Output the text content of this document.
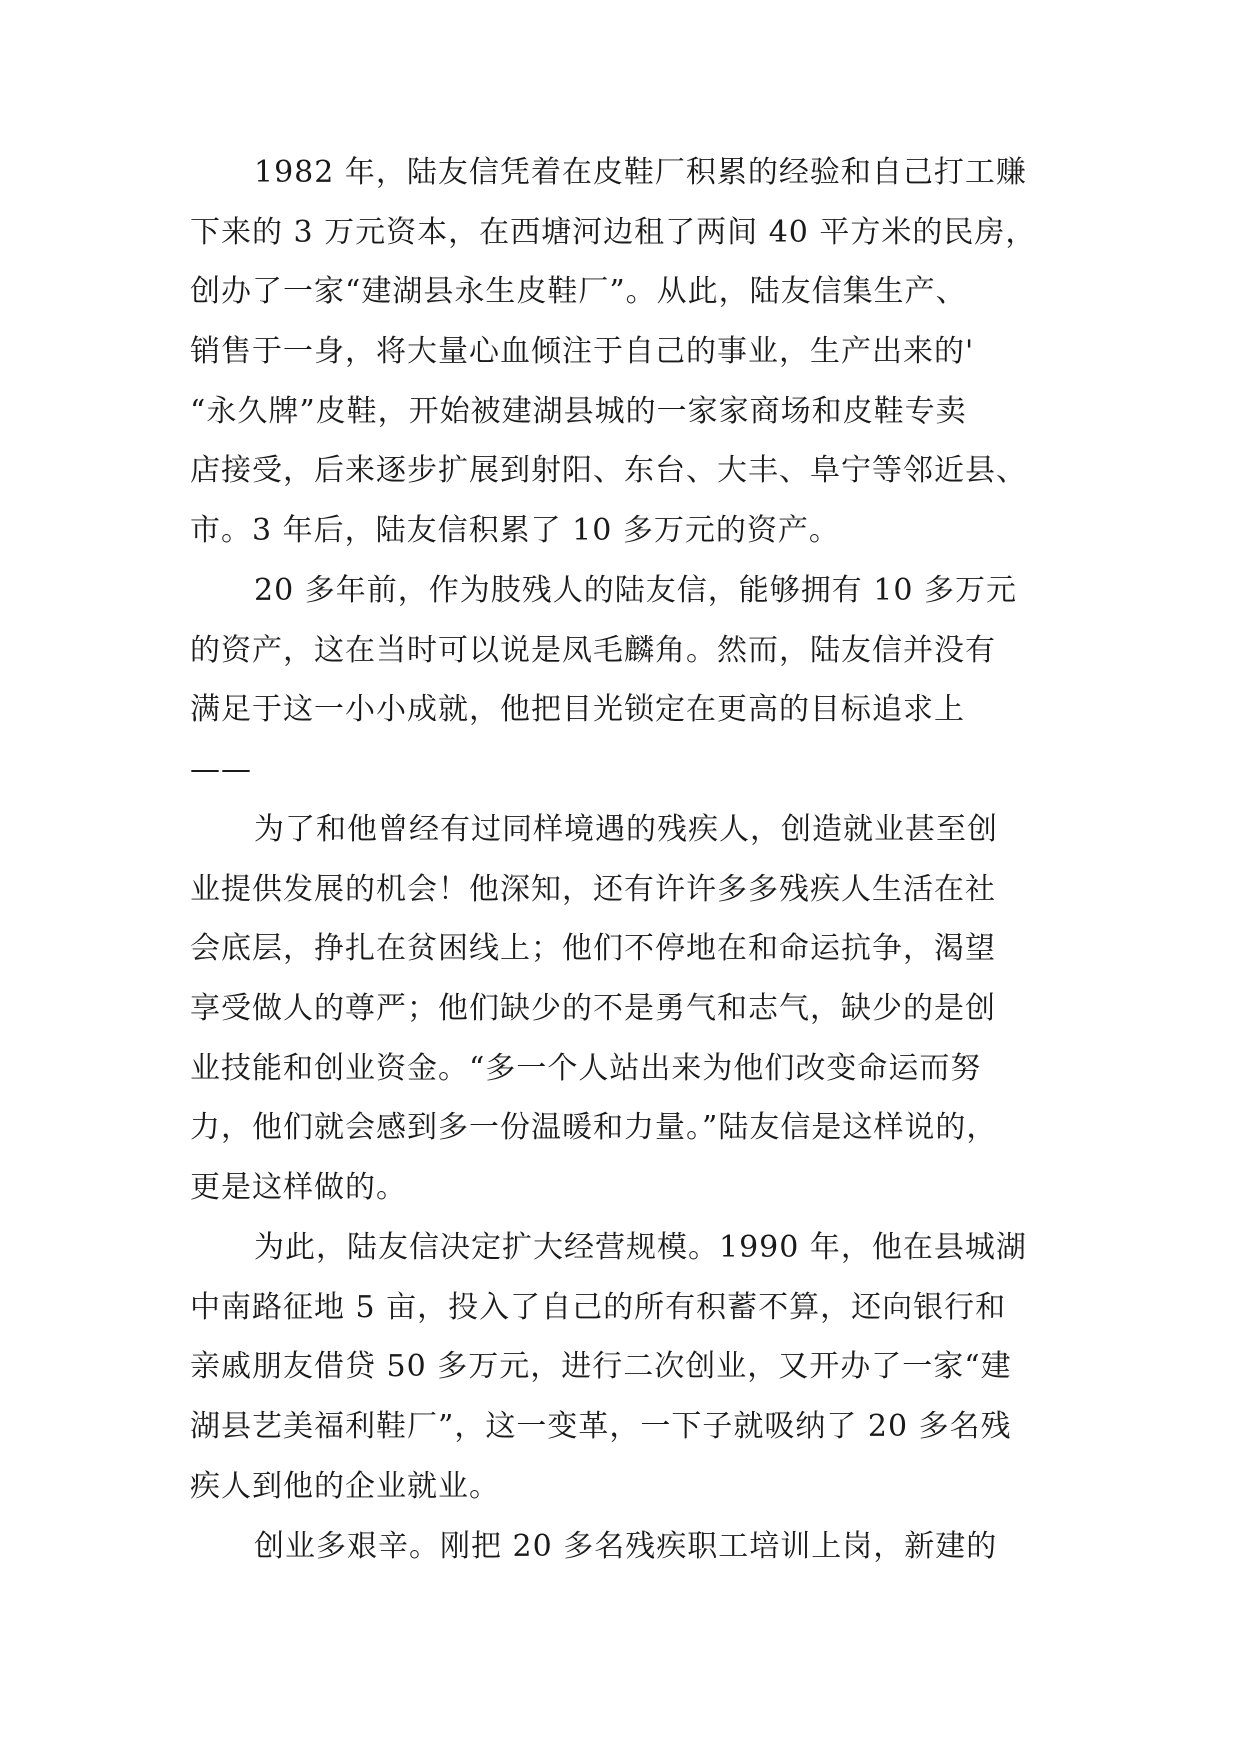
1982 年，陆友信凭着在皮鞋厂积累的经验和自己打工赚
下来的 3 万元资本，在西塘河边租了两间 40 平方米的民房，
创办了一家“建湖县永生皮鞋厂”。从此，陆友信集生产、
销售于一身，将大量心血倾注于自己的事业，生产出来的'
“永久牌”皮鞋，开始被建湖县城的一家家商场和皮鞋专卖
店接受，后来逐步扩展到射阳、东台、大丰、阜宁等邻近县、
市。3 年后，陆友信积累了 10 多万元的资产。
20 多年前，作为肢残人的陆友信，能够拥有 10 多万元
的资产，这在当时可以说是凤毛麟角。然而，陆友信并没有
满足于这一小小成就，他把目光锁定在更高的目标追求上
——
为了和他曾经有过同样境遇的残疾人，创造就业甚至创
业提供发展的机会！他深知，还有许许多多残疾人生活在社
会底层，挣扎在贫困线上；他们不停地在和命运抗争，渴望
享受做人的尊严；他们缺少的不是勇气和志气，缺少的是创
业技能和创业资金。“多一个人站出来为他们改变命运而努
力，他们就会感到多一份温暖和力量。”陆友信是这样说的，
更是这样做的。
为此，陆友信决定扩大经营规模。1990 年，他在县城湖
中南路征地 5 亩，投入了自己的所有积蓄不算，还向银行和
亲戚朋友借贷 50 多万元，进行二次创业，又开办了一家“建
湖县艺美福利鞋厂”，这一变革，一下子就吸纳了 20 多名残
疾人到他的企业就业。
创业多艰辛。刚把 20 多名残疾职工培训上岗，新建的
